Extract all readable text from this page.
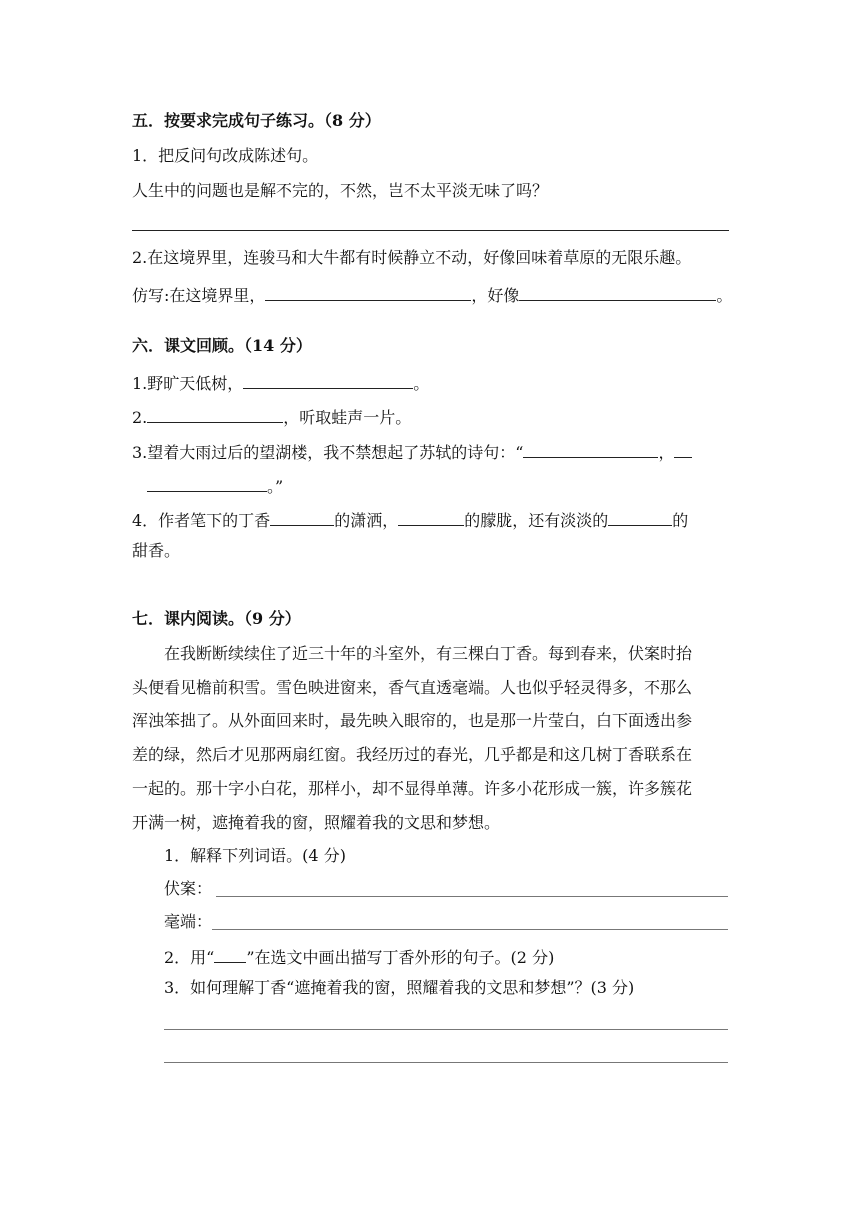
五．按要求完成句子练习。（8 分）
1．把反问句改成陈述句。
人生中的问题也是解不完的，不然，岂不太平淡无味了吗？
2.在这境界里，连骏马和大牛都有时候静立不动，好像回味着草原的无限乐趣。
仿写:在这境界里，	，好像	。
六．课文回顾。（14 分）
1.野旷天低树，	。
2.	，听取蛙声一片。
3.望着大雨过后的望湖楼，我不禁想起了苏轼的诗句：“	，
。”
4．作者笔下的丁香	的潇洒，	的朦胧，还有淡淡的	的
甜香。
七．课内阅读。（9 分）
在我断断续续住了近三十年的斗室外，有三棵白丁香。每到春来，伏案时抬
头便看见檐前积雪。雪色映进窗来，香气直透毫端。人也似乎轻灵得多，不那么
浑浊笨拙了。从外面回来时，最先映入眼帘的，也是那一片莹白，白下面透出参
差的绿，然后才见那两扇红窗。我经历过的春光，几乎都是和这几树丁香联系在
一起的。那十字小白花，那样小，却不显得单薄。许多小花形成一簇，许多簇花
开满一树，遮掩着我的窗，照耀着我的文思和梦想。
1．解释下列词语。(4 分)
伏案：
毫端：
2．用“ ”在选文中画出描写丁香外形的句子。(2 分)
3．如何理解丁香“遮掩着我的窗，照耀着我的文思和梦想”？(3 分)
